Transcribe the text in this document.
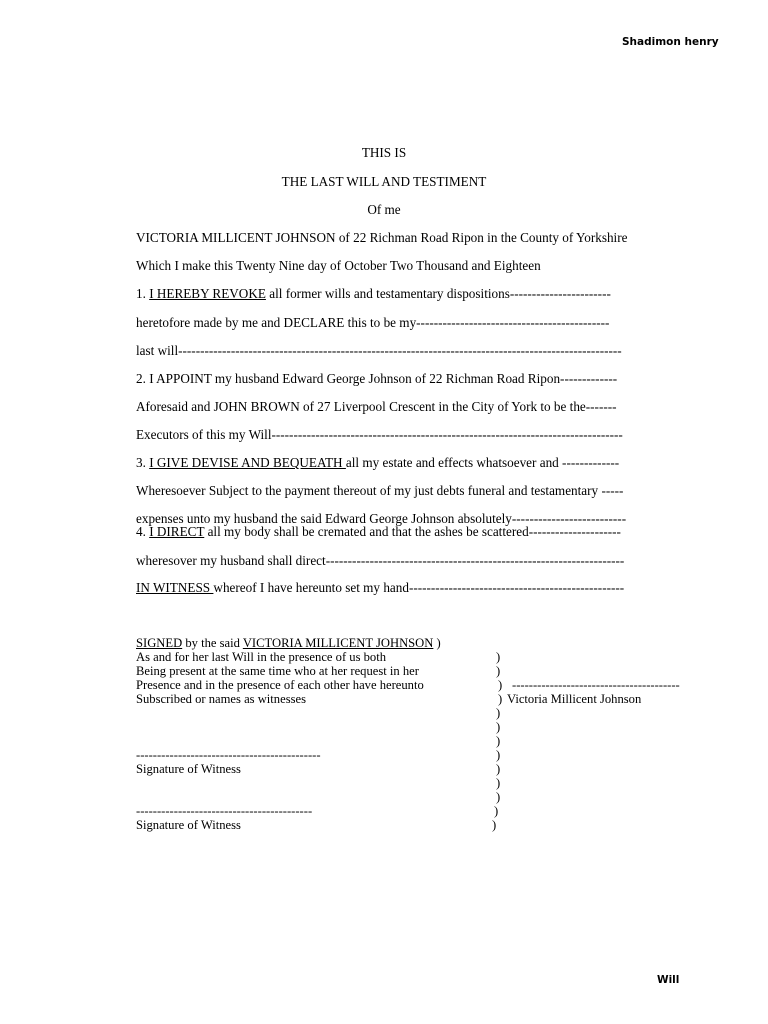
Shadimon henry
THIS IS
THE LAST WILL AND TESTIMENT
Of me
VICTORIA MILLICENT JOHNSON of 22 Richman Road Ripon in the County of Yorkshire
Which I make this Twenty Nine day of October Two Thousand and Eighteen
1. I HEREBY REVOKE all former wills and testamentary dispositions-----------------------
heretofore made by me and DECLARE this to be my--------------------------------------------
last will-----------------------------------------------------------------------------------------------------
2. I APPOINT my husband Edward George Johnson of 22 Richman Road Ripon-------------
Aforesaid and JOHN BROWN of 27 Liverpool Crescent in the City of York to be the-------
Executors of this my Will--------------------------------------------------------------------------------
3. I GIVE DEVISE AND BEQUEATH all my estate and effects whatsoever and -------------
Wheresoever Subject to the payment thereout of my just debts funeral and testamentary -----
expenses unto my husband the said Edward George Johnson absolutely--------------------------
4. I DIRECT all my body shall be cremated and that the ashes be scattered---------------------
wheresover my husband shall direct--------------------------------------------------------------------
IN WITNESS whereof I have hereunto set my hand-------------------------------------------------
SIGNED by the said VICTORIA MILLICENT JOHNSON )
As and for her last Will in the presence of us both
Being present at the same time who at her request in her
Presence and in the presence of each other have hereunto
Subscribed or names as witnesses
)
)
) ----------------------------------------
) Victoria Millicent Johnson
)
)
)
)
)
)
)
)
)
--------------------------------------------
Signature of Witness
------------------------------------------
Signature of Witness
Will
